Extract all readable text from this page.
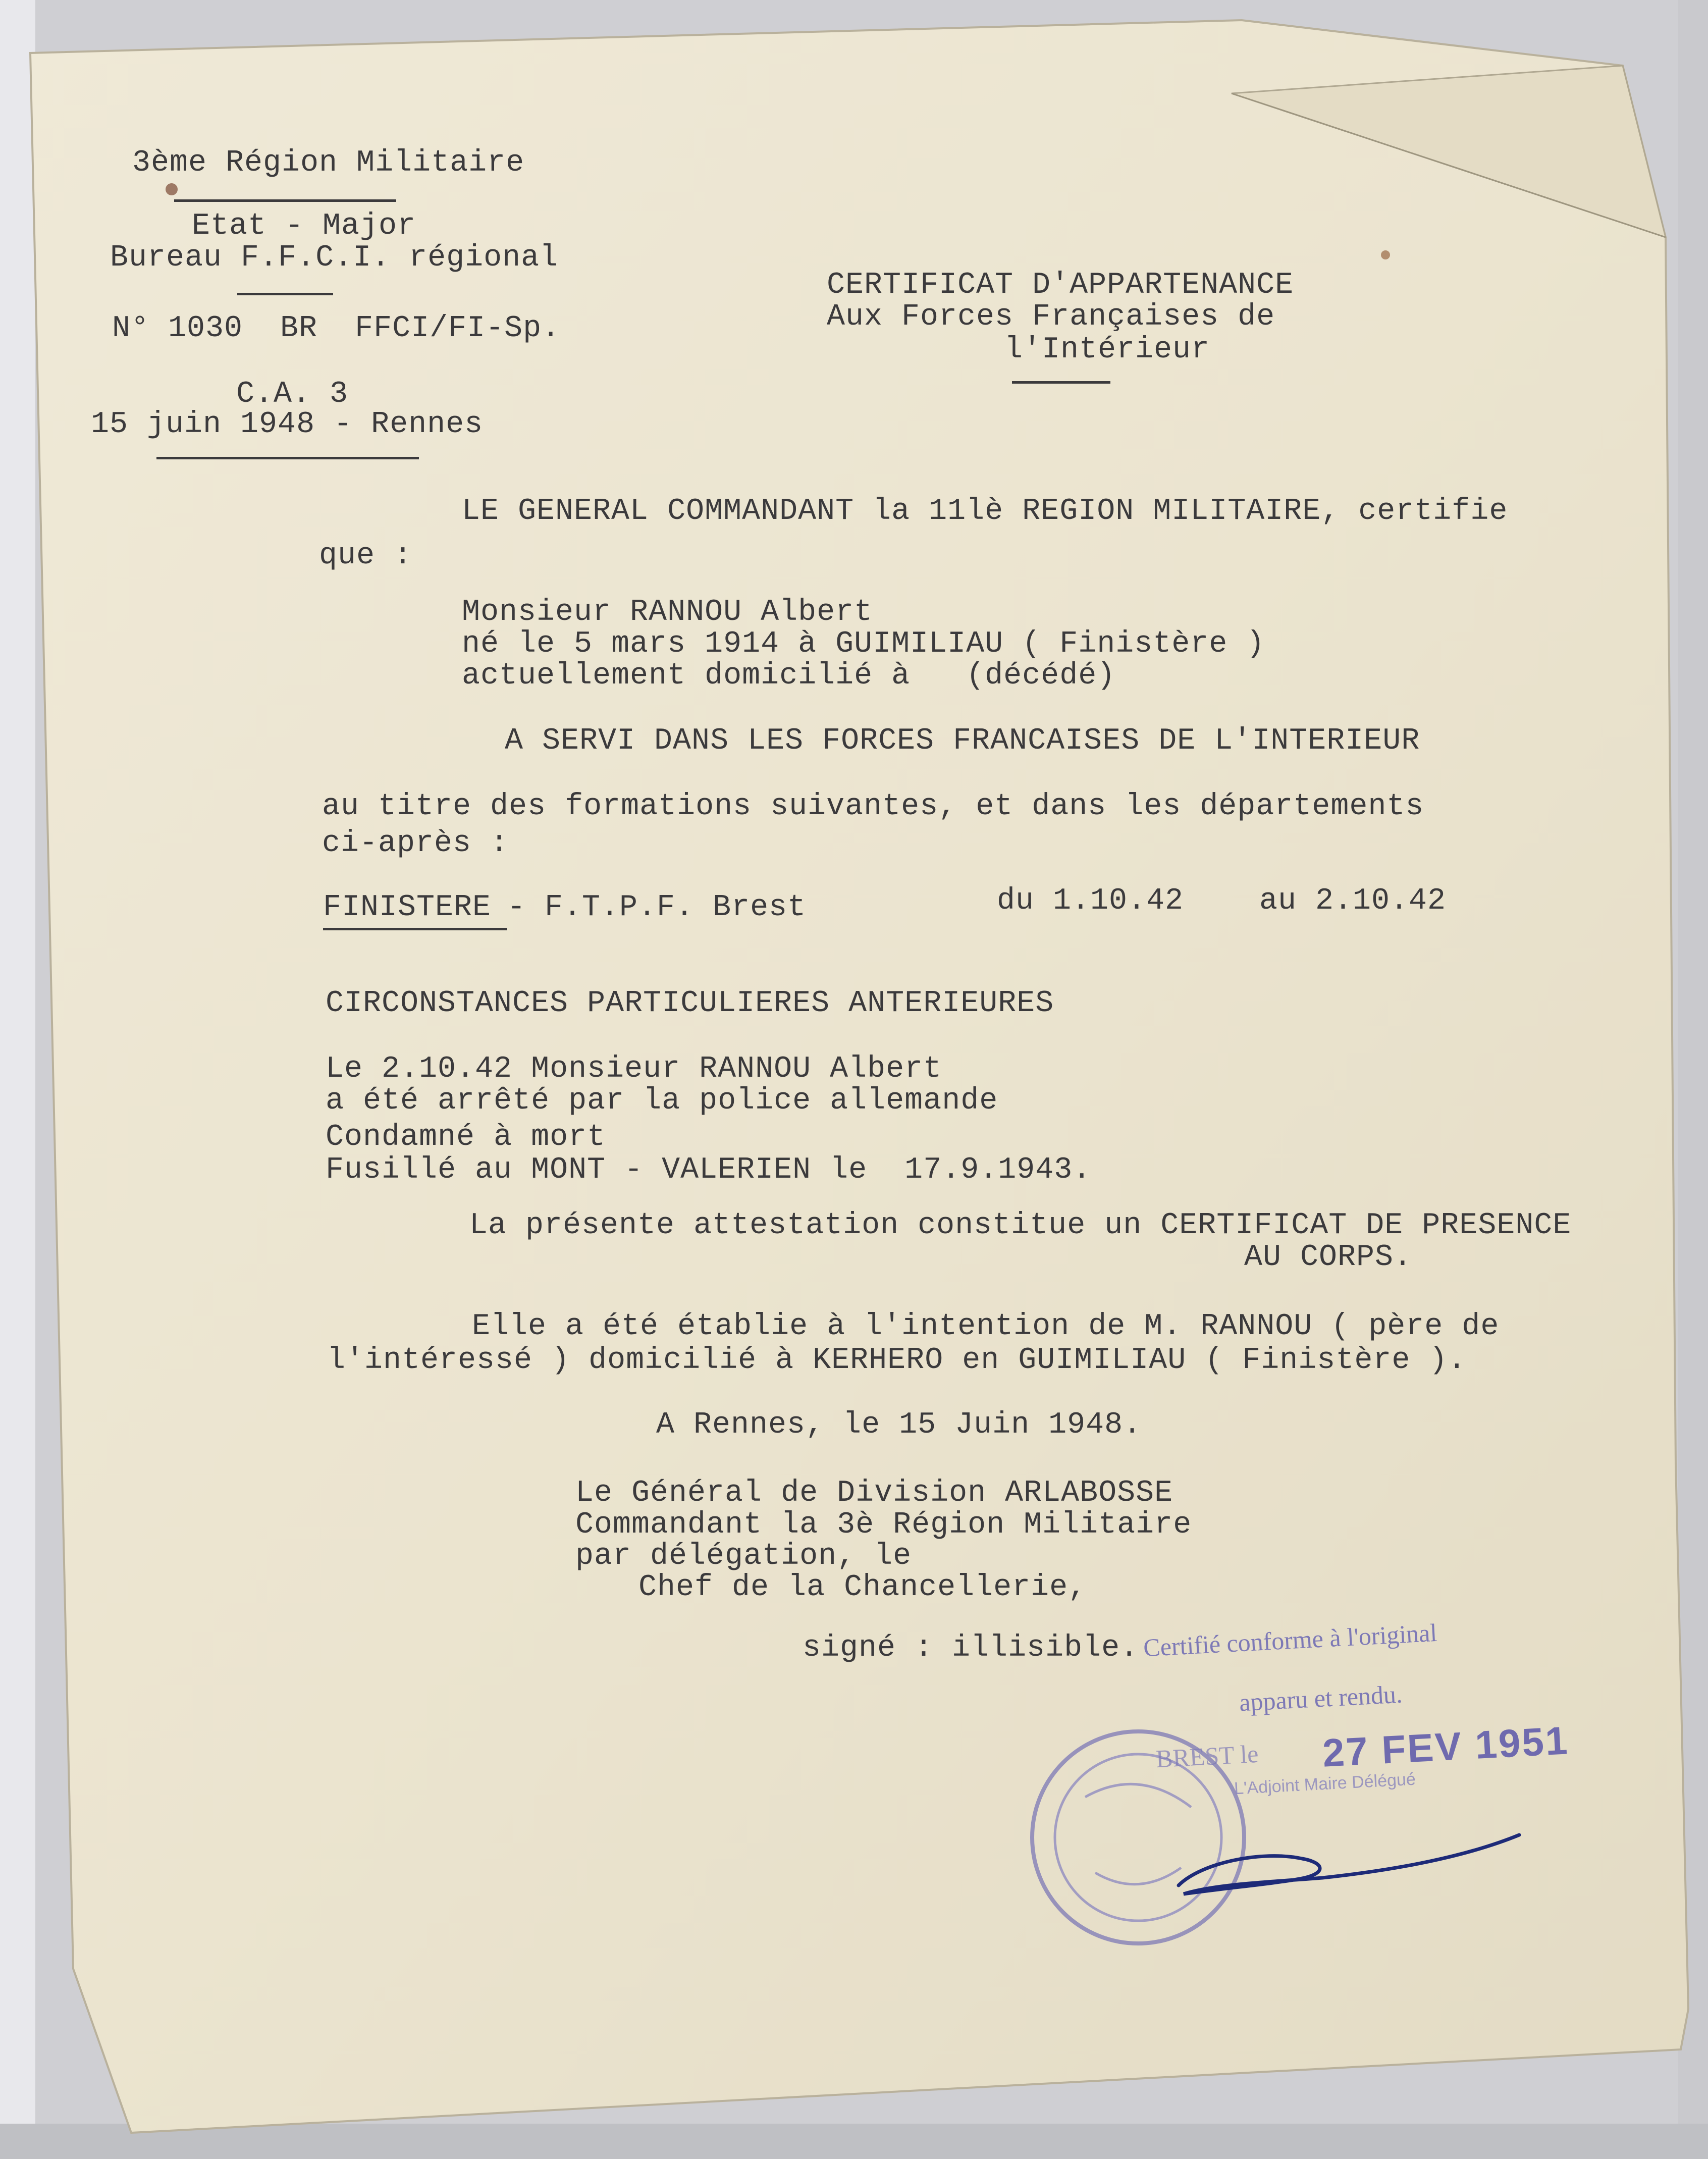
3ème Région Militaire
Etat - Major
Bureau F.F.C.I. régional
N° 1030  BR  FFCI/FI-Sp.
C.A. 3
15 juin 1948 - Rennes
CERTIFICAT D'APPARTENANCE
Aux Forces Françaises de
l'Intérieur
LE GENERAL COMMANDANT la 11lè REGION MILITAIRE, certifie
que :
Monsieur RANNOU Albert
né le 5 mars 1914 à GUIMILIAU ( Finistère )
actuellement domicilié à   (décédé)
A SERVI DANS LES FORCES FRANCAISES DE L'INTERIEUR
au titre des formations suivantes, et dans les départements
ci-après :
FINISTERE - F.T.P.F. Brest	du 1.10.42 au 2.10.42
CIRCONSTANCES PARTICULIERES ANTERIEURES
Le 2.10.42 Monsieur RANNOU Albert
a été arrêté par la police allemande
Condamné à mort
Fusillé au MONT - VALERIEN le  17.9.1943.
La présente attestation constitue un CERTIFICAT DE PRESENCE
AU CORPS.
Elle a été établie à l'intention de M. RANNOU ( père de
l'intéressé ) domicilié à KERHERO en GUIMILIAU ( Finistère ).
A Rennes, le 15 Juin 1948.
Le Général de Division ARLABOSSE
Commandant la 3è Région Militaire
par délégation, le
Chef de la Chancellerie,
signé : illisible. Certifié conforme à l'original
apparu et rendu.
BREST le 27 FEV 1951
L'Adjoint Maire Délégué
